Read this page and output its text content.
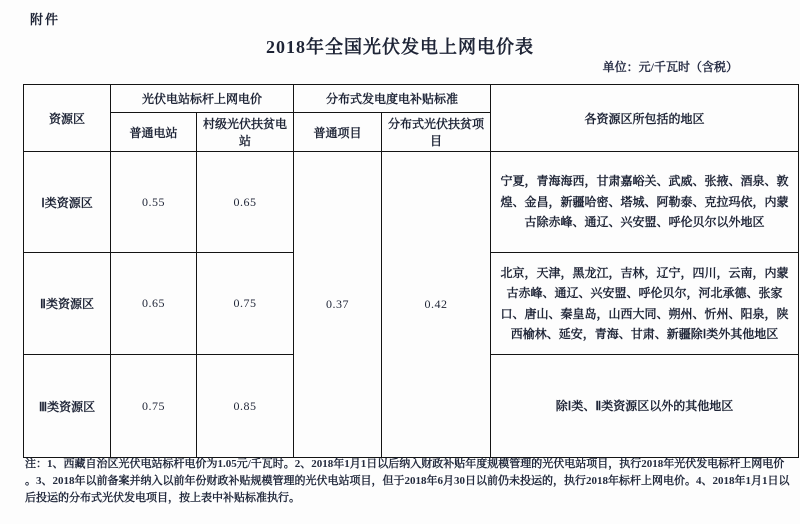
附件
2018年全国光伏发电上网电价表
单位：元/千瓦时（含税）
资源区	光伏电站标杆上网电价		分布式发电度电补贴标准		各资源区所包括的地区
	普通电站	村级光伏扶贫电站	普通项目	分布式光伏扶贫项目	
Ⅰ类资源区	0.55	0.65	0.37	0.42	宁夏，青海海西，甘肃嘉峪关、武威、张掖、酒泉、敦煌、金昌，新疆哈密、塔城、阿勒泰、克拉玛依，内蒙古除赤峰、通辽、兴安盟、呼伦贝尔以外地区
Ⅱ类资源区	0.65	0.75			北京，天津，黑龙江，吉林，辽宁，四川，云南，内蒙古赤峰、通辽、兴安盟、呼伦贝尔，河北承德、张家口、唐山、秦皇岛，山西大同、朔州、忻州、阳泉，陕西榆林、延安，青海、甘肃、新疆除Ⅰ类外其他地区
Ⅲ类资源区	0.75	0.85			除Ⅰ类、Ⅱ类资源区以外的其他地区
注：1、西藏自治区光伏电站标杆电价为1.05元/千瓦时。2、2018年1月1日以后纳入财政补贴年度规模管理的光伏电站项目，执行2018年光伏发电标杆上网电价
。3、2018年以前备案并纳入以前年份财政补贴规模管理的光伏电站项目，但于2018年6月30日以前仍未投运的，执行2018年标杆上网电价。4、2018年1月1日以
后投运的分布式光伏发电项目，按上表中补贴标准执行。
